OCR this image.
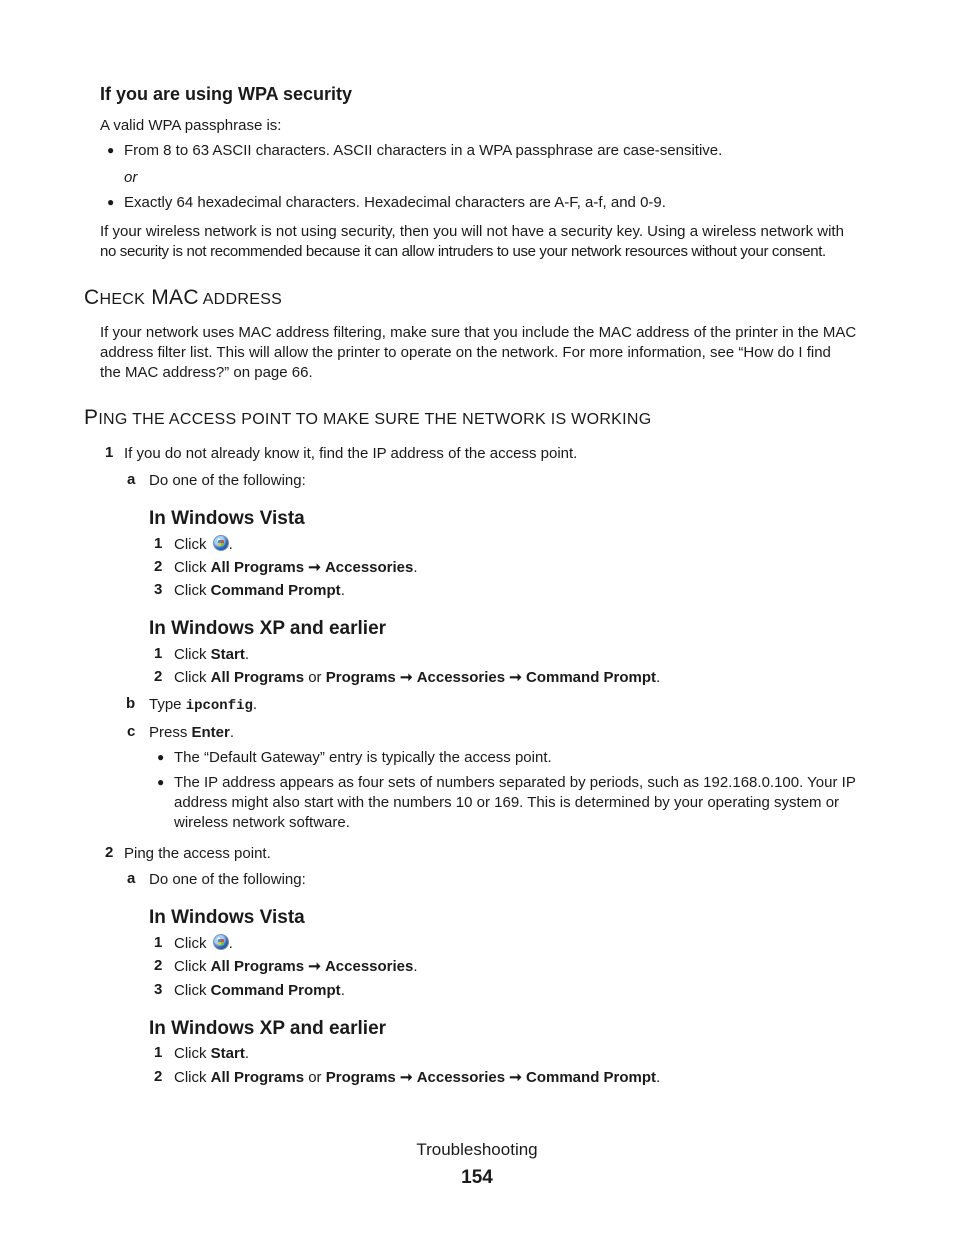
If you are using WPA security
A valid WPA passphrase is:
● From 8 to 63 ASCII characters. ASCII characters in a WPA passphrase are case-sensitive.
or
● Exactly 64 hexadecimal characters. Hexadecimal characters are A-F, a-f, and 0-9.
If your wireless network is not using security, then you will not have a security key. Using a wireless network with
no security is not recommended because it can allow intruders to use your network resources without your consent.
CHECK MAC ADDRESS
If your network uses MAC address filtering, make sure that you include the MAC address of the printer in the MAC
address filter list. This will allow the printer to operate on the network. For more information, see “How do I find
the MAC address?” on page 66.
PING THE ACCESS POINT TO MAKE SURE THE NETWORK IS WORKING
1 If you do not already know it, find the IP address of the access point.
a Do one of the following:
In Windows Vista
1 Click .
2 Click All Programs ➞ Accessories.
3 Click Command Prompt.
In Windows XP and earlier
1 Click Start.
2 Click All Programs or Programs ➞ Accessories ➞ Command Prompt.
b Type ipconfig.
c Press Enter.
● The “Default Gateway” entry is typically the access point.
● The IP address appears as four sets of numbers separated by periods, such as 192.168.0.100. Your IP
address might also start with the numbers 10 or 169. This is determined by your operating system or
wireless network software.
2 Ping the access point.
a Do one of the following:
In Windows Vista
1 Click .
2 Click All Programs ➞ Accessories.
3 Click Command Prompt.
In Windows XP and earlier
1 Click Start.
2 Click All Programs or Programs ➞ Accessories ➞ Command Prompt.
Troubleshooting
154
